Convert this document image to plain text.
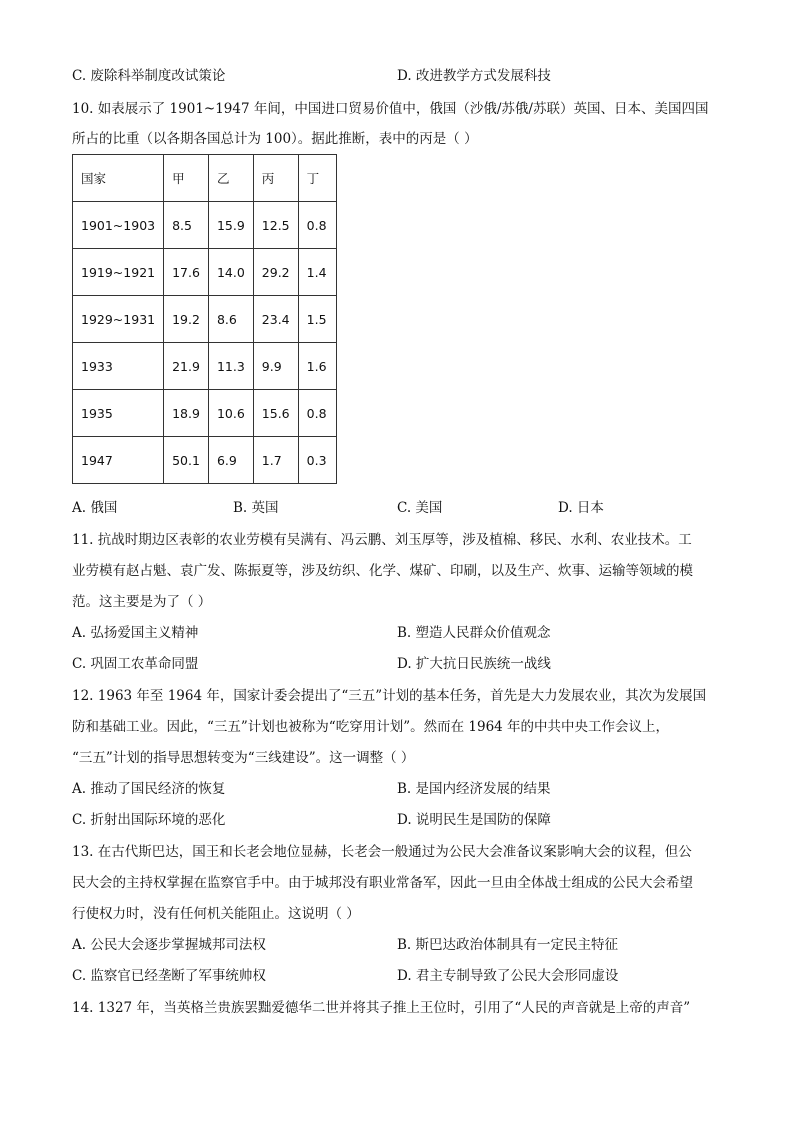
C. 废除科举制度改试策论	D. 改进教学方式发展科技
10. 如表展示了 1901~1947 年间，中国进口贸易价值中，俄国（沙俄/苏俄/苏联）英国、日本、美国四国
所占的比重（以各期各国总计为 100）。据此推断，表中的丙是（ ）
国家	甲	乙	丙	丁
1901~1903	8.5	15.9	12.5	0.8
1919~1921	17.6	14.0	29.2	1.4
1929~1931	19.2	8.6	23.4	1.5
1933	21.9	11.3	9.9	1.6
1935	18.9	10.6	15.6	0.8
1947	50.1	6.9	1.7	0.3
A. 俄国	B. 英国	C. 美国	D. 日本
11. 抗战时期边区表彰的农业劳模有吴满有、冯云鹏、刘玉厚等，涉及植棉、移民、水利、农业技术。工
业劳模有赵占魁、袁广发、陈振夏等，涉及纺织、化学、煤矿、印刷，以及生产、炊事、运输等领域的模
范。这主要是为了（ ）
A. 弘扬爱国主义精神	B. 塑造人民群众价值观念
C. 巩固工农革命同盟	D. 扩大抗日民族统一战线
12. 1963 年至 1964 年，国家计委会提出了“三五”计划的基本任务，首先是大力发展农业，其次为发展国
防和基础工业。因此，“三五”计划也被称为“吃穿用计划”。然而在 1964 年的中共中央工作会议上，
“三五”计划的指导思想转变为“三线建设”。这一调整（ ）
A. 推动了国民经济的恢复	B. 是国内经济发展的结果
C. 折射出国际环境的恶化	D. 说明民生是国防的保障
13. 在古代斯巴达，国王和长老会地位显赫，长老会一般通过为公民大会准备议案影响大会的议程，但公
民大会的主持权掌握在监察官手中。由于城邦没有职业常备军，因此一旦由全体战士组成的公民大会希望
行使权力时，没有任何机关能阻止。这说明（ ）
A. 公民大会逐步掌握城邦司法权	B. 斯巴达政治体制具有一定民主特征
C. 监察官已经垄断了军事统帅权	D. 君主专制导致了公民大会形同虚设
14. 1327 年，当英格兰贵族罢黜爱德华二世并将其子推上王位时，引用了“人民的声音就是上帝的声音”
